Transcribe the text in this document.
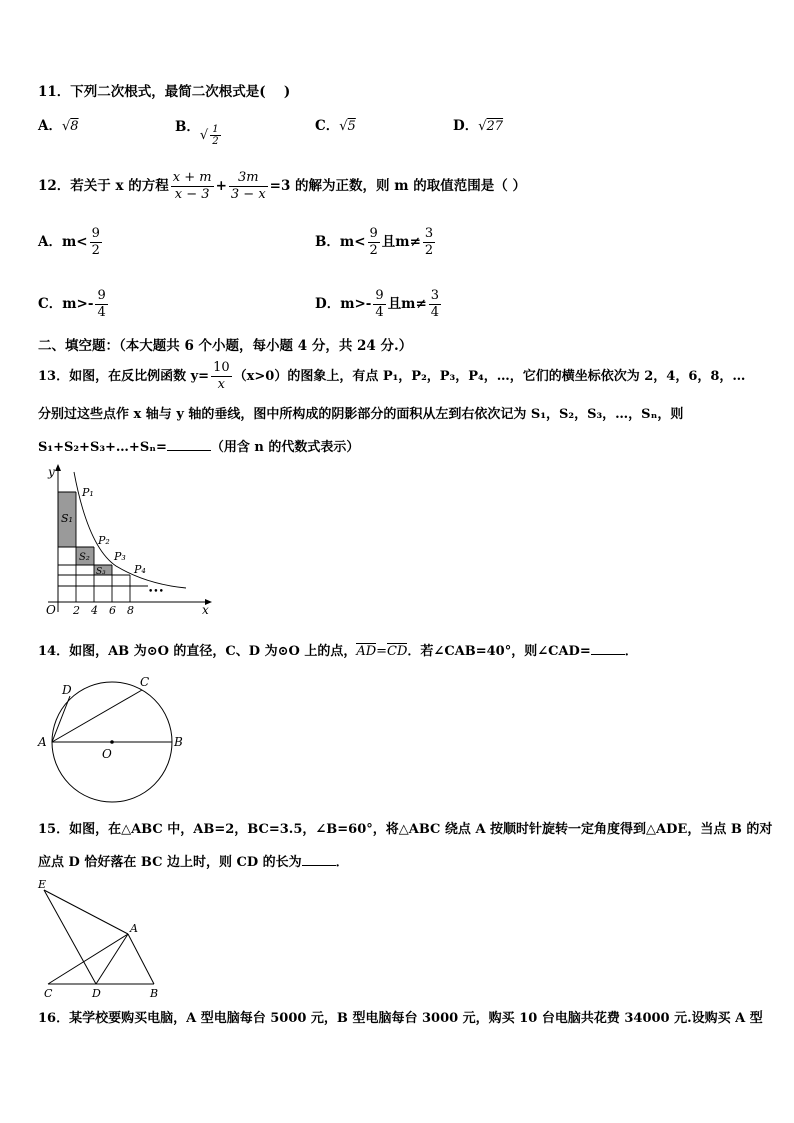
11．下列二次根式，最简二次根式是(　 )
A．√8	B．√ $\frac{1}{2}$	C．√5	D．√27
12．若关于 x 的方程 $\frac{x + m}{x - 3} + \frac{3m}{3 - x} =3$ 的解为正数，则 m 的取值范围是（ ）
A．$m< \frac{9}{2}$	B．$m< \frac{9}{2}$ 且$m\ne \frac{3}{2}$
C．$m>- \frac{9}{4}$	D．$m>- \frac{9}{4}$ 且$m\ne \frac{3}{4}$
二、填空题：（本大题共 6 个小题，每小题 4 分，共 24 分.）
13．如图，在反比例函数 $y= \frac{10}{x} (x>0)$的图象上，有点 P₁，P₂，P₃，P₄，…，它们的横坐标依次为 2，4，6，8，…
分别过这些点作 x 轴与 y 轴的垂线，图中所构成的阴影部分的面积从左到右依次记为 S₁，S₂，S₃，…，Sₙ，则
S₁+S₂+S₃+…+Sₙ=	（用含 n 的代数式表示）
y
x
O 2 4 6 8
P₁
P₂
P₃
P₄
S₁
S₂
S₃
•••
14．如图，AB 为⊙O 的直径，C、D 为⊙O 上的点，AD=CD．若∠CAB=40°，则∠CAD=	．
A	B
C
D
O
15．如图，在△ABC 中，AB=2，BC=3.5，∠B=60°，将△ABC 绕点 A 按顺时针旋转一定角度得到△ADE，当点 B 的对
应点 D 恰好落在 BC 边上时，则 CD 的长为	．
E
A
C	D	B
16．某学校要购买电脑，A 型电脑每台 5000 元，B 型电脑每台 3000 元，购买 10 台电脑共花费 34000 元.设购买 A 型
